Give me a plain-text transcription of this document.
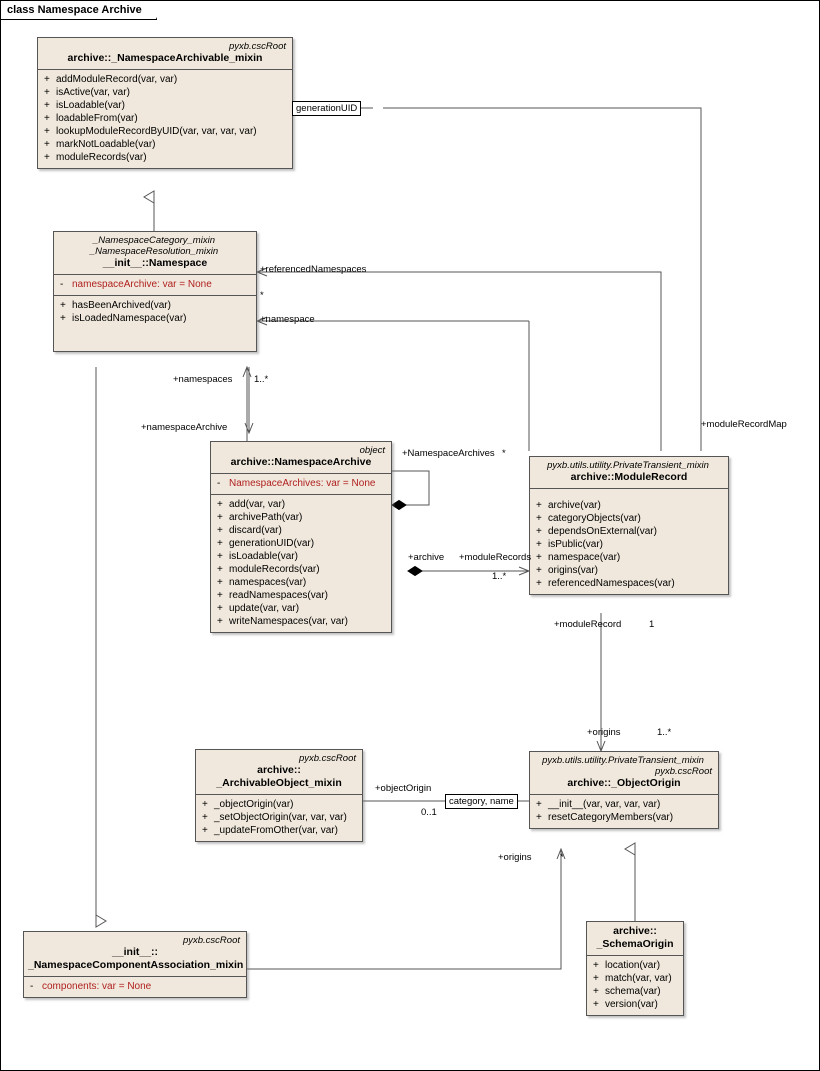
class Namespace Archive
pyxb.cscRoot
archive::_NamespaceArchivable_mixin
+ addModuleRecord(var, var)
+ isActive(var, var)
+ isLoadable(var)
+ loadableFrom(var)
+ lookupModuleRecordByUID(var, var, var, var)
+ markNotLoadable(var)
+ moduleRecords(var)
_NamespaceCategory_mixin
_NamespaceResolution_mixin
__init__::Namespace
- namespaceArchive: var = None
+ hasBeenArchived(var)
+ isLoadedNamespace(var)
object
archive::NamespaceArchive
- NamespaceArchives: var = None
+ add(var, var)
+ archivePath(var)
+ discard(var)
+ generationUID(var)
+ isLoadable(var)
+ moduleRecords(var)
+ namespaces(var)
+ readNamespaces(var)
+ update(var, var)
+ writeNamespaces(var, var)
pyxb.utils.utility.PrivateTransient_mixin
archive::ModuleRecord
+ archive(var)
+ categoryObjects(var)
+ dependsOnExternal(var)
+ isPublic(var)
+ namespace(var)
+ origins(var)
+ referencedNamespaces(var)
pyxb.cscRoot
archive::
_ArchivableObject_mixin
+ _objectOrigin(var)
+ _setObjectOrigin(var, var, var)
+ _updateFromOther(var, var)
pyxb.utils.utility.PrivateTransient_mixin
pyxb.cscRoot
archive::_ObjectOrigin
+ __init__(var, var, var, var)
+ resetCategoryMembers(var)
archive::
_SchemaOrigin
+ location(var)
+ match(var, var)
+ schema(var)
+ version(var)
pyxb.cscRoot
__init__::
_NamespaceComponentAssociation_mixin
- components: var = None
generationUID
+referencedNamespaces
*
+namespace
+namespaces 1..*
+namespaceArchive
+NamespaceArchives *
+moduleRecordMap
+archive +moduleRecords
1..*
+moduleRecord	1
+origins	1..*
+objectOrigin
0..1
category, name
+origins	*
